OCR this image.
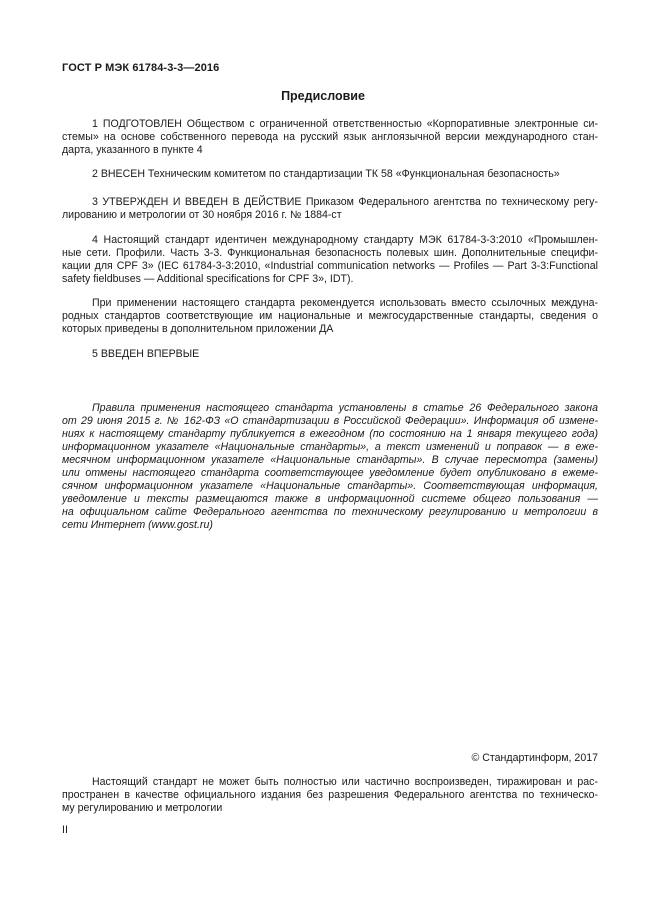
ГОСТ Р МЭК 61784-3-3—2016
Предисловие
1 ПОДГОТОВЛЕН Обществом с ограниченной ответственностью «Корпоративные электронные си-
стемы» на основе собственного перевода на русский язык англоязычной версии международного стан-
дарта, указанного в пункте 4
2 ВНЕСЕН Техническим комитетом по стандартизации ТК 58 «Функциональная безопасность»
3 УТВЕРЖДЕН И ВВЕДЕН В ДЕЙСТВИЕ Приказом Федерального агентства по техническому регу-
лированию и метрологии от 30 ноября 2016 г. № 1884-ст
4 Настоящий стандарт идентичен международному стандарту МЭК 61784-3-3:2010 «Промышлен-
ные сети. Профили. Часть 3-3. Функциональная безопасность полевых шин. Дополнительные специфи-
кации для CPF 3» (IEC 61784-3-3:2010, «Industrial communication networks — Profiles — Part 3-3:Functional
safety fieldbuses — Additional specifications for CPF 3», IDT).
При применении настоящего стандарта рекомендуется использовать вместо ссылочных междуна-
родных стандартов соответствующие им национальные и межгосударственные стандарты, сведения о
которых приведены в дополнительном приложении ДА
5 ВВЕДЕН ВПЕРВЫЕ
Правила применения настоящего стандарта установлены в статье 26 Федерального закона
от 29 июня 2015 г. № 162-ФЗ «О стандартизации в Российской Федерации». Информация об измене-
ниях к настоящему стандарту публикуется в ежегодном (по состоянию на 1 января текущего года)
информационном указателе «Национальные стандарты», а текст изменений и поправок — в еже-
месячном информационном указателе «Национальные стандарты». В случае пересмотра (замены)
или отмены настоящего стандарта соответствующее уведомление будет опубликовано в ежеме-
сячном информационном указателе «Национальные стандарты». Соответствующая информация,
уведомление и тексты размещаются также в информационной системе общего пользования —
на официальном сайте Федерального агентства по техническому регулированию и метрологии в
сети Интернет (www.gost.ru)
© Стандартинформ, 2017
Настоящий стандарт не может быть полностью или частично воспроизведен, тиражирован и рас-
пространен в качестве официального издания без разрешения Федерального агентства по техническо-
му регулированию и метрологии
II
